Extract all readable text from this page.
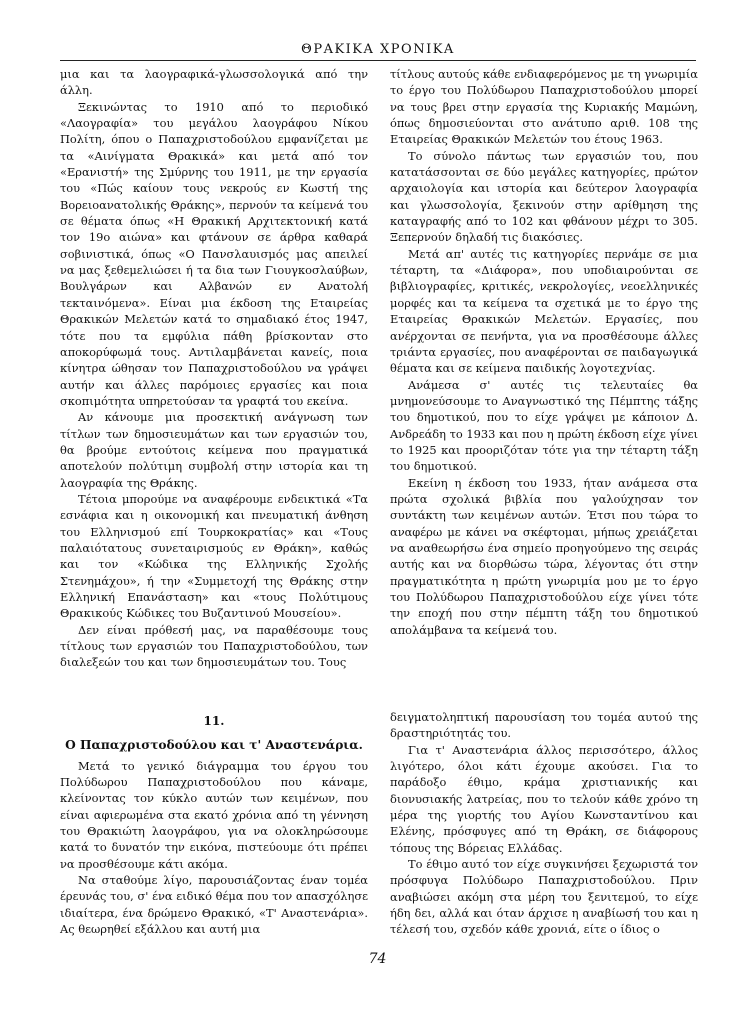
ΘΡΑΚΙΚΑ ΧΡΟΝΙΚΑ

μια και τα λαογραφικά-γλωσσολογικά από την άλλη.

Ξεκινώντας το 1910 από το περιοδικό «Λαογραφία» του μεγάλου λαογράφου Νίκου Πολίτη, όπου ο Παπαχριστοδούλου εμφανίζεται με τα «Αινίγματα Θρακικά» και μετά από τον «Ερανιστή» της Σμύρνης του 1911, με την εργασία του «Πώς καίουν τους νεκρούς εν Κωστή της Βορειοανατολικής Θράκης», περνούν τα κείμενά του σε θέματα όπως «Η Θρακική Αρχιτεκτονική κατά τον 19ο αιώνα» και φτάνουν σε άρθρα καθαρά σοβινιστικά, όπως «Ο Πανσλαυισμός μας απειλεί να μας ξεθεμελιώσει ή τα δια των Γιουγκοσλαύβων, Βουλγάρων και Αλβανών εν Ανατολή τεκταινόμενα». Είναι μια έκδοση της Εταιρείας Θρακικών Μελετών κατά το σημαδιακό έτος 1947, τότε που τα εμφύλια πάθη βρίσκονταν στο αποκορύφωμά τους. Αντιλαμβάνεται κανείς, ποια κίνητρα ώθησαν τον Παπαχριστοδούλου να γράψει αυτήν και άλλες παρόμοιες εργασίες και ποια σκοπιμότητα υπηρετούσαν τα γραφτά του εκείνα.

Αν κάνουμε μια προσεκτική ανάγνωση των τίτλων των δημοσιευμάτων και των εργασιών του, θα βρούμε εντούτοις κείμενα που πραγματικά αποτελούν πολύτιμη συμβολή στην ιστορία και τη λαογραφία της Θράκης.

Τέτοια μπορούμε να αναφέρουμε ενδεικτικά «Τα εσνάφια και η οικονομική και πνευματική άνθηση του Ελληνισμού επί Τουρκοκρατίας» και «Τους παλαιότατους συνεταιρισμούς εν Θράκη», καθώς και τον «Κώδικα της Ελληνικής Σχολής Στενημάχου», ή την «Συμμετοχή της Θράκης στην Ελληνική Επανάσταση» και «τους Πολύτιμους Θρακικούς Κώδικες του Βυζαντινού Μουσείου».

Δεν είναι πρόθεσή μας, να παραθέσουμε τους τίτλους των εργασιών του Παπαχριστοδούλου, των διαλεξεών του και των δημοσιευμάτων του. Τους

τίτλους αυτούς κάθε ενδιαφερόμενος με τη γνωριμία το έργο του Πολύδωρου Παπαχριστοδούλου μπορεί να τους βρει στην εργασία της Κυριακής Μαμώνη, όπως δημοσιεύονται στο ανάτυπο αριθ. 108 της Εταιρείας Θρακικών Μελετών του έτους 1963.

Το σύνολο πάντως των εργασιών του, που κατατάσσονται σε δύο μεγάλες κατηγορίες, πρώτον αρχαιολογία και ιστορία και δεύτερον λαογραφία και γλωσσολογία, ξεκινούν στην αρίθμηση της καταγραφής από το 102 και φθάνουν μέχρι το 305. Ξεπερνούν δηλαδή τις διακόσιες.

Μετά απ' αυτές τις κατηγορίες περνάμε σε μια τέταρτη, τα «Διάφορα», που υποδιαιρούνται σε βιβλιογραφίες, κριτικές, νεκρολογίες, νεοελληνικές μορφές και τα κείμενα τα σχετικά με το έργο της Εταιρείας Θρακικών Μελετών. Εργασίες, που ανέρχονται σε πενήντα, για να προσθέσουμε άλλες τριάντα εργασίες, που αναφέρονται σε παιδαγωγικά θέματα και σε κείμενα παιδικής λογοτεχνίας.

Ανάμεσα σ' αυτές τις τελευταίες θα μνημονεύσουμε το Αναγνωστικό της Πέμπτης τάξης του δημοτικού, που το είχε γράψει με κάποιον Δ. Ανδρεάδη το 1933 και που η πρώτη έκδοση είχε γίνει το 1925 και προοριζόταν τότε για την τέταρτη τάξη του δημοτικού.

Εκείνη η έκδοση του 1933, ήταν ανάμεσα στα πρώτα σχολικά βιβλία που γαλούχησαν τον συντάκτη των κειμένων αυτών. Έτσι που τώρα το αναφέρω με κάνει να σκέφτομαι, μήπως χρειάζεται να αναθεωρήσω ένα σημείο προηγούμενο της σειράς αυτής και να διορθώσω τώρα, λέγοντας ότι στην πραγματικότητα η πρώτη γνωριμία μου με το έργο του Πολύδωρου Παπαχριστοδούλου είχε γίνει τότε την εποχή που στην πέμπτη τάξη του δημοτικού απολάμβανα τα κείμενά του.

11.
Ο Παπαχριστοδούλου και τ' Αναστενάρια.

Μετά το γενικό διάγραμμα του έργου του Πολύδωρου Παπαχριστοδούλου που κάναμε, κλείνοντας τον κύκλο αυτών των κειμένων, που είναι αφιερωμένα στα εκατό χρόνια από τη γέννηση του Θρακιώτη λαογράφου, για να ολοκληρώσουμε κατά το δυνατόν την εικόνα, πιστεύουμε ότι πρέπει να προσθέσουμε κάτι ακόμα.

Να σταθούμε λίγο, παρουσιάζοντας έναν τομέα έρευνάς του, σ' ένα ειδικό θέμα που τον απασχόλησε ιδιαίτερα, ένα δρώμενο Θρακικό, «Τ' Αναστενάρια». Ας θεωρηθεί εξάλλου και αυτή μια

δειγματοληπτική παρουσίαση του τομέα αυτού της δραστηριότητάς του.

Για τ' Αναστενάρια άλλος περισσότερο, άλλος λιγότερο, όλοι κάτι έχουμε ακούσει. Για το παράδοξο έθιμο, κράμα χριστιανικής και διονυσιακής λατρείας, που το τελούν κάθε χρόνο τη μέρα της γιορτής του Αγίου Κωνσταντίνου και Ελένης, πρόσφυγες από τη Θράκη, σε διάφορους τόπους της Βόρειας Ελλάδας.

Το έθιμο αυτό τον είχε συγκινήσει ξεχωριστά τον πρόσφυγα Πολύδωρο Παπαχριστοδούλου. Πριν αναβιώσει ακόμη στα μέρη του ξενιτεμού, το είχε ήδη δει, αλλά και όταν άρχισε η αναβίωσή του και η τέλεσή του, σχεδόν κάθε χρονιά, είτε ο ίδιος ο

74
